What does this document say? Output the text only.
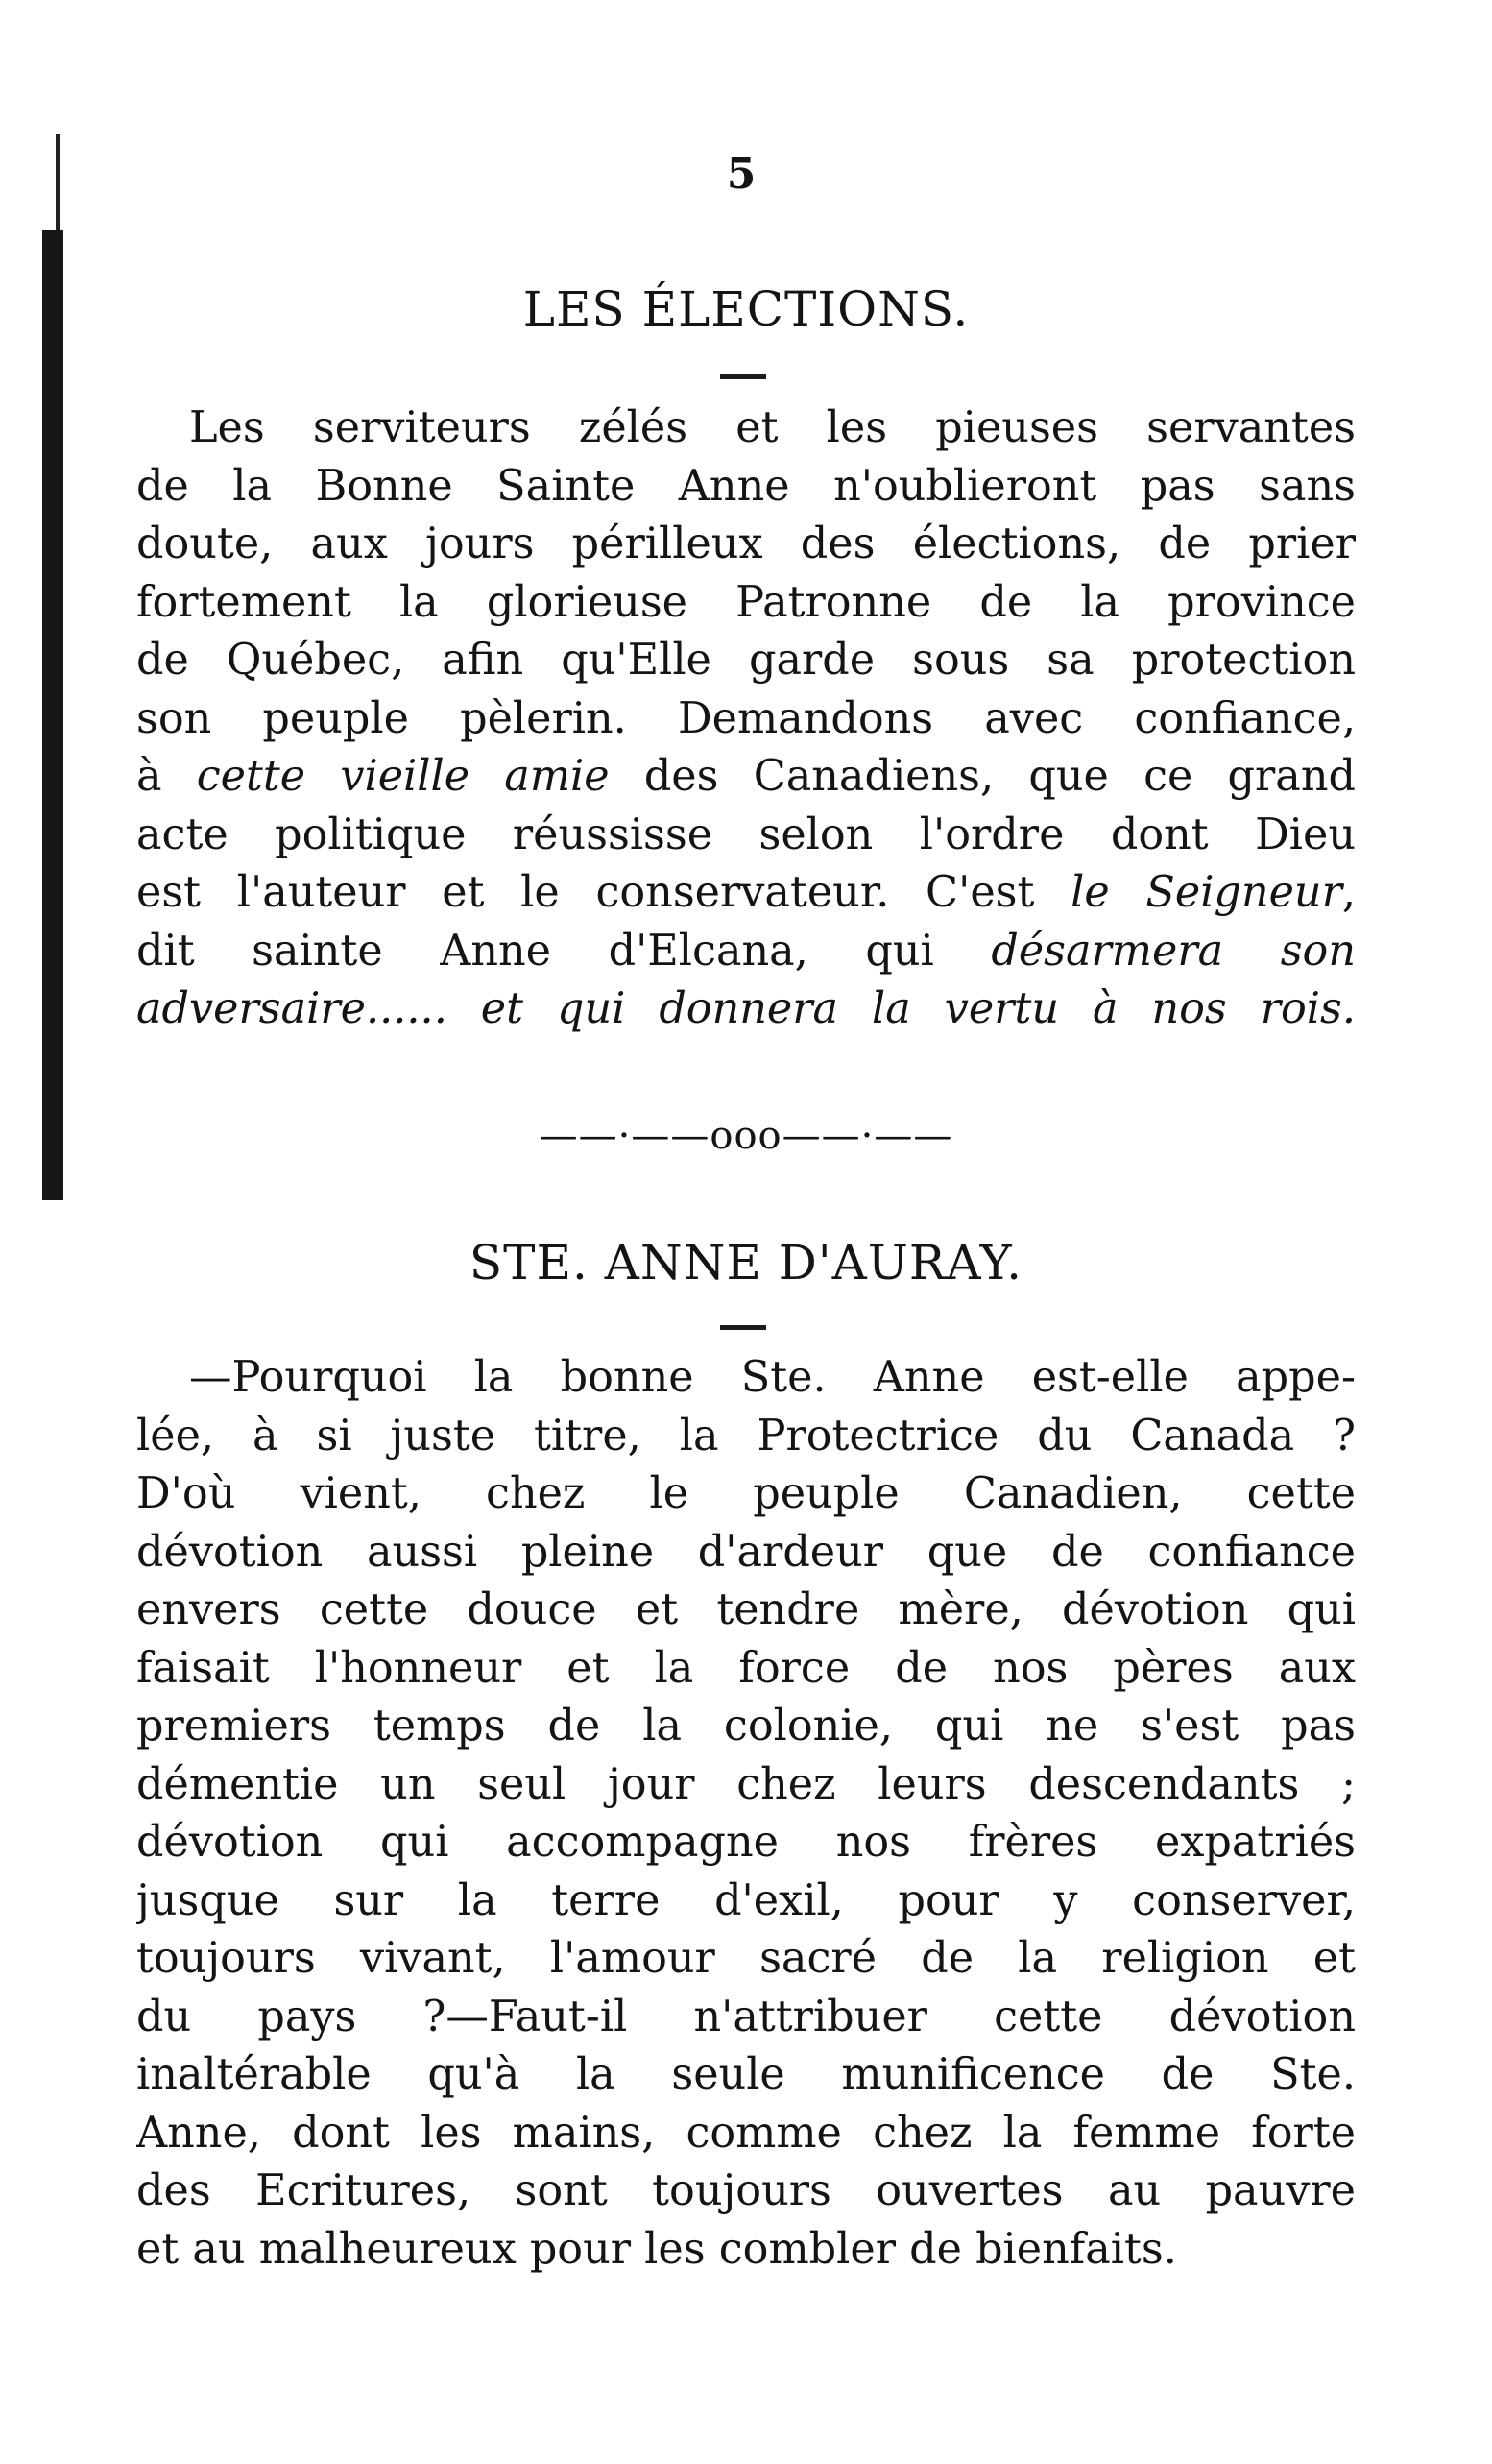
5
LES ÉLECTIONS.
Les serviteurs zélés et les pieuses servantes
de la Bonne Sainte Anne n'oublieront pas sans
doute, aux jours périlleux des élections, de prier
fortement la glorieuse Patronne de la province
de Québec, afin qu'Elle garde sous sa protection
son peuple pèlerin. Demandons avec confiance,
à cette vieille amie des Canadiens, que ce grand
acte politique réussisse selon l'ordre dont Dieu
est l'auteur et le conservateur. C'est le Seigneur,
dit sainte Anne d'Elcana, qui désarmera son
adversaire...... et qui donnera la vertu à nos rois.
——·——ooo——·——
STE. ANNE D'AURAY.
—Pourquoi la bonne Ste. Anne est-elle appe-
lée, à si juste titre, la Protectrice du Canada ?
D'où vient, chez le peuple Canadien, cette
dévotion aussi pleine d'ardeur que de confiance
envers cette douce et tendre mère, dévotion qui
faisait l'honneur et la force de nos pères aux
premiers temps de la colonie, qui ne s'est pas
démentie un seul jour chez leurs descendants ;
dévotion qui accompagne nos frères expatriés
jusque sur la terre d'exil, pour y conserver,
toujours vivant, l'amour sacré de la religion et
du pays ?—Faut-il n'attribuer cette dévotion
inaltérable qu'à la seule munificence de Ste.
Anne, dont les mains, comme chez la femme forte
des Ecritures, sont toujours ouvertes au pauvre
et au malheureux pour les combler de bienfaits.
